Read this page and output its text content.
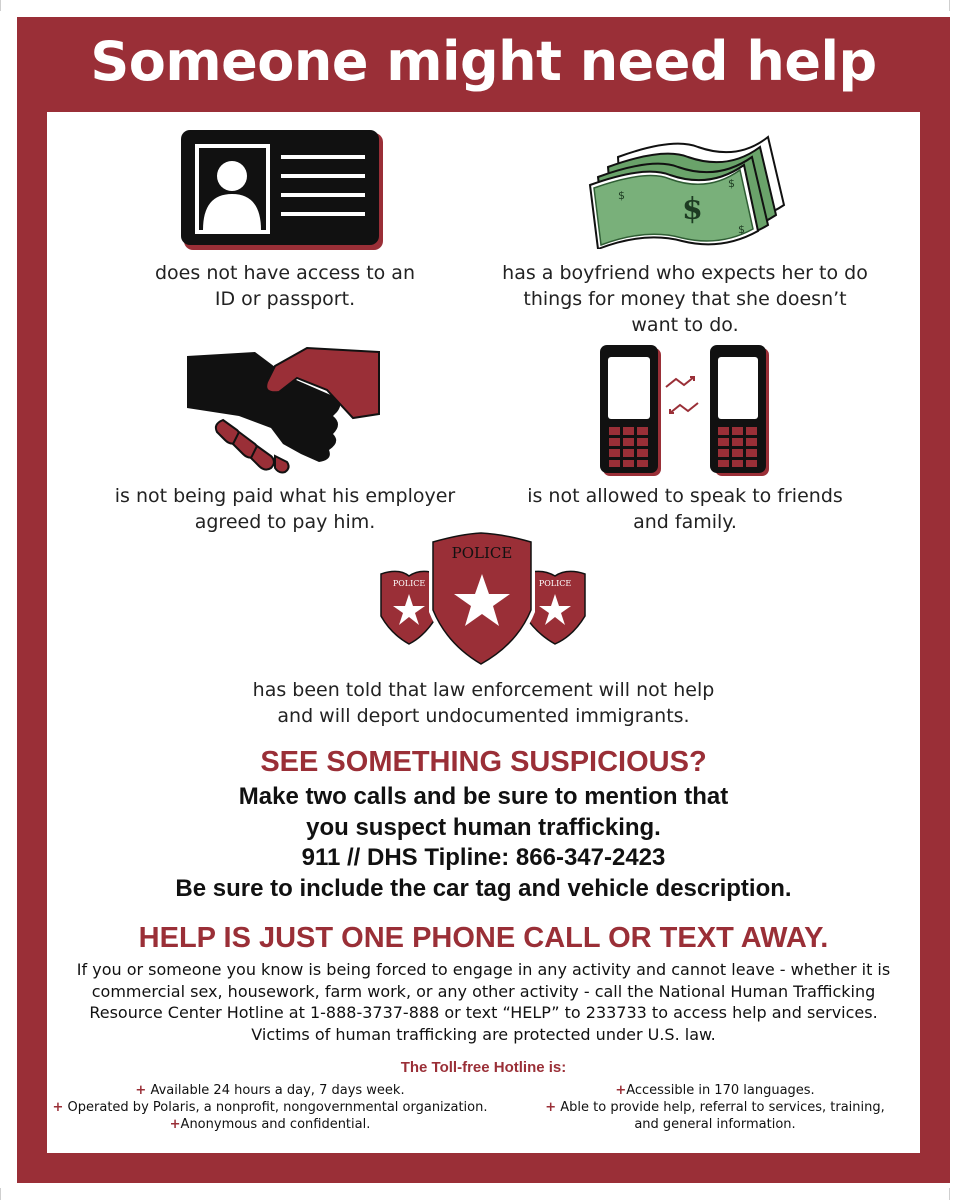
Someone might need help
does not have access to an
ID or passport.
$
$
$
$
has a boyfriend who expects her to do
things for money that she doesn’t
want to do.
is not being paid what his employer
agreed to pay him.
is not allowed to speak to friends
and family.
POLICE	POLICE
POLICE
has been told that law enforcement will not help
and will deport undocumented immigrants.
SEE SOMETHING SUSPICIOUS?
Make two calls and be sure to mention that
you suspect human trafficking.
911 // DHS Tipline: 866-347-2423
Be sure to include the car tag and vehicle description.
HELP IS JUST ONE PHONE CALL OR TEXT AWAY.
If you or someone you know is being forced to engage in any activity and cannot leave - whether it is commercial sex, housework, farm work, or any other activity - call the National Human Trafficking Resource Center Hotline at 1-888-3737-888 or text “HELP” to 233733 to access help and services. Victims of human trafficking are protected under U.S. law.
The Toll-free Hotline is:
+ Available 24 hours a day, 7 days week.
+ Operated by Polaris, a nonprofit, nongovernmental organization.
+Anonymous and confidential.
+Accessible in 170 languages.
+ Able to provide help, referral to services, training,
and general information.
